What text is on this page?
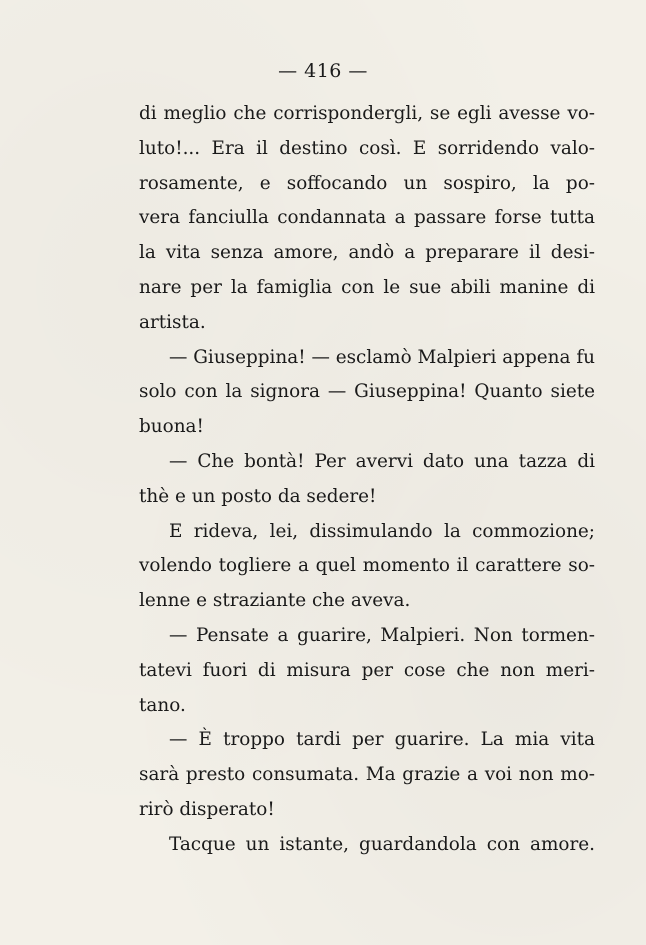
— 416 —
di meglio che corrispondergli, se egli avesse vo-
luto!... Era il destino così. E sorridendo valo-
rosamente, e soffocando un sospiro, la po-
vera fanciulla condannata a passare forse tutta
la vita senza amore, andò a preparare il desi-
nare per la famiglia con le sue abili manine di
artista.
— Giuseppina! — esclamò Malpieri appena fu
solo con la signora — Giuseppina! Quanto siete
buona!
— Che bontà! Per avervi dato una tazza di
thè e un posto da sedere!
E rideva, lei, dissimulando la commozione;
volendo togliere a quel momento il carattere so-
lenne e straziante che aveva.
— Pensate a guarire, Malpieri. Non tormen-
tatevi fuori di misura per cose che non meri-
tano.
— È troppo tardi per guarire. La mia vita
sarà presto consumata. Ma grazie a voi non mo-
rirò disperato!
Tacque un istante, guardandola con amore.
